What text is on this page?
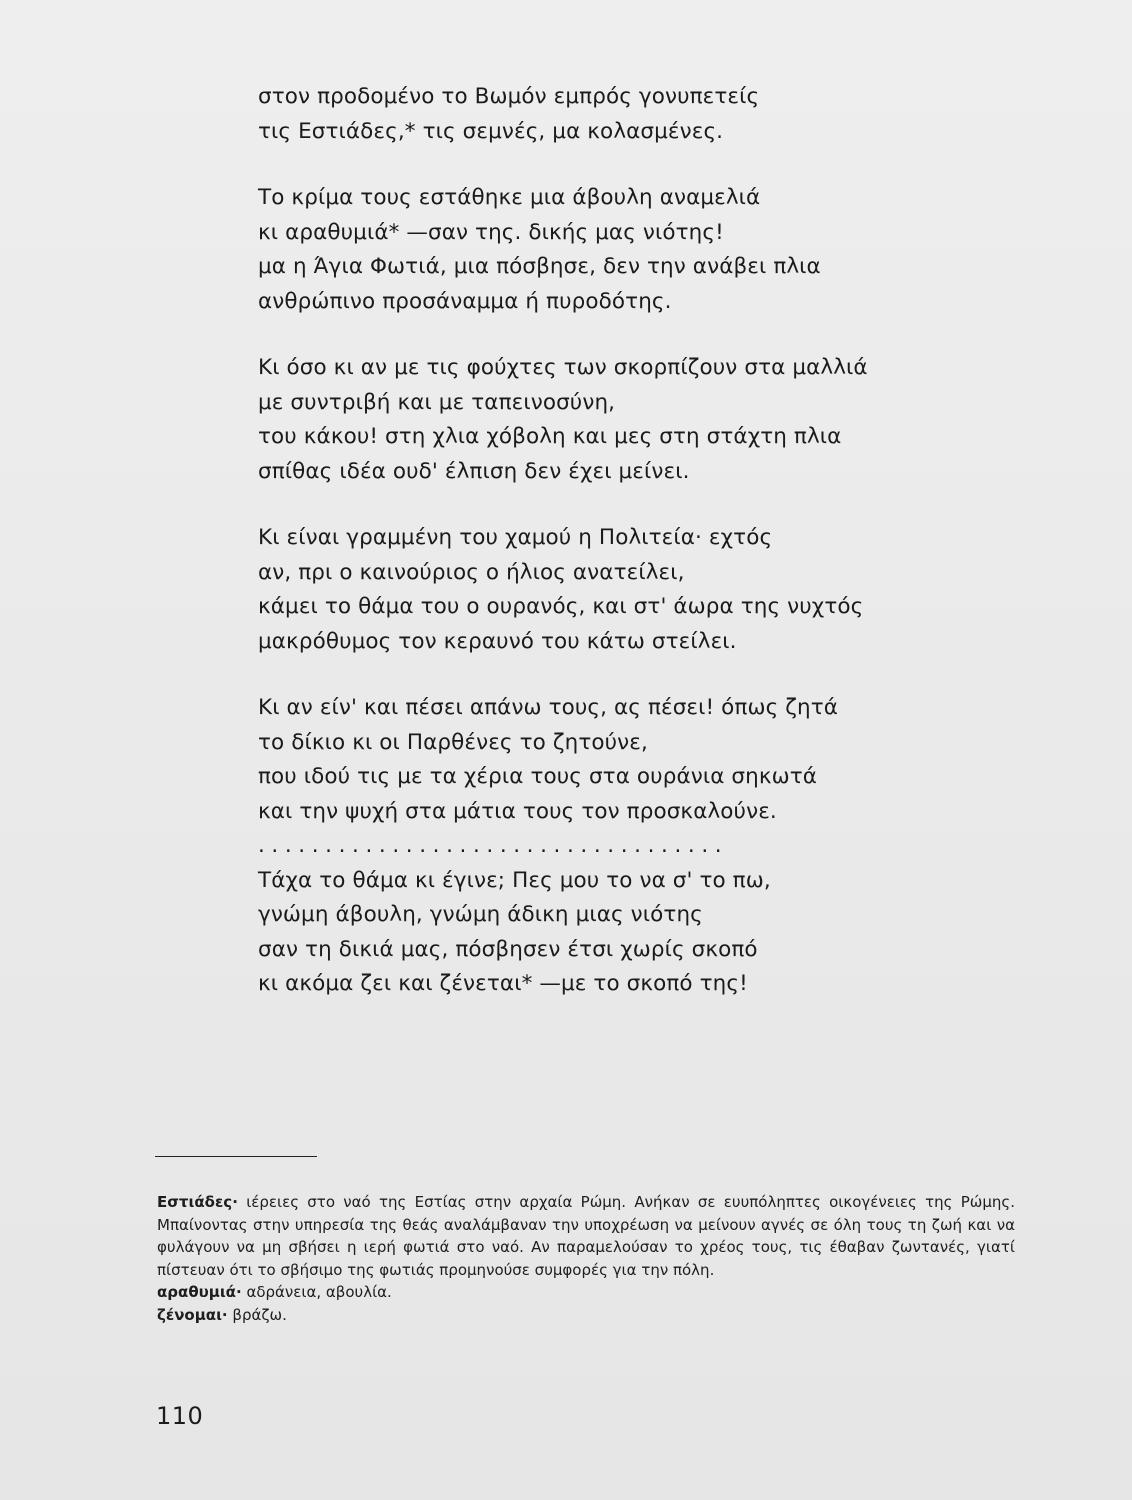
στον προδομένο το Βωμόν εμπρός γονυπετείς
τις Εστιάδες,* τις σεμνές, μα κολασμένες.
Το κρίμα τους εστάθηκε μια άβουλη αναμελιά
κι αραθυμιά* —σαν της. δικής μας νιότης!
μα η Άγια Φωτιά, μια πόσβησε, δεν την ανάβει πλια
ανθρώπινο προσάναμμα ή πυροδότης.
Κι όσο κι αν με τις φούχτες των σκορπίζουν στα μαλλιά
με συντριβή και με ταπεινοσύνη,
του κάκου! στη χλια χόβολη και μες στη στάχτη πλια
σπίθας ιδέα ουδ' έλπιση δεν έχει μείνει.
Κι είναι γραμμένη του χαμού η Πολιτεία· εχτός
αν, πρι ο καινούριος ο ήλιος ανατείλει,
κάμει το θάμα του ο ουρανός, και στ' άωρα της νυχτός
μακρόθυμος τον κεραυνό του κάτω στείλει.
Κι αν είν' και πέσει απάνω τους, ας πέσει! όπως ζητά
το δίκιο κι οι Παρθένες το ζητούνε,
που ιδού τις με τα χέρια τους στα ουράνια σηκωτά
και την ψυχή στα μάτια τους τον προσκαλούνε.
...................................
Τάχα το θάμα κι έγινε; Πες μου το να σ' το πω,
γνώμη άβουλη, γνώμη άδικη μιας νιότης
σαν τη δικιά μας, πόσβησεν έτσι χωρίς σκοπό
κι ακόμα ζει και ζένεται* —με το σκοπό της!

Εστιάδες· ιέρειες στο ναό της Εστίας στην αρχαία Ρώμη. Ανήκαν σε ευυπόληπτες οικογένειες της Ρώμης. Μπαίνοντας στην υπηρεσία της θεάς αναλάμβαναν την υποχρέωση να μείνουν αγνές σε όλη τους τη ζωή και να φυλάγουν να μη σβήσει η ιερή φωτιά στο ναό. Αν παραμελούσαν το χρέος τους, τις έθαβαν ζωντανές, γιατί πίστευαν ότι το σβήσιμο της φωτιάς προμηνούσε συμφορές για την πόλη.

αραθυμιά· αδράνεια, αβουλία.

ζένομαι· βράζω.

110
